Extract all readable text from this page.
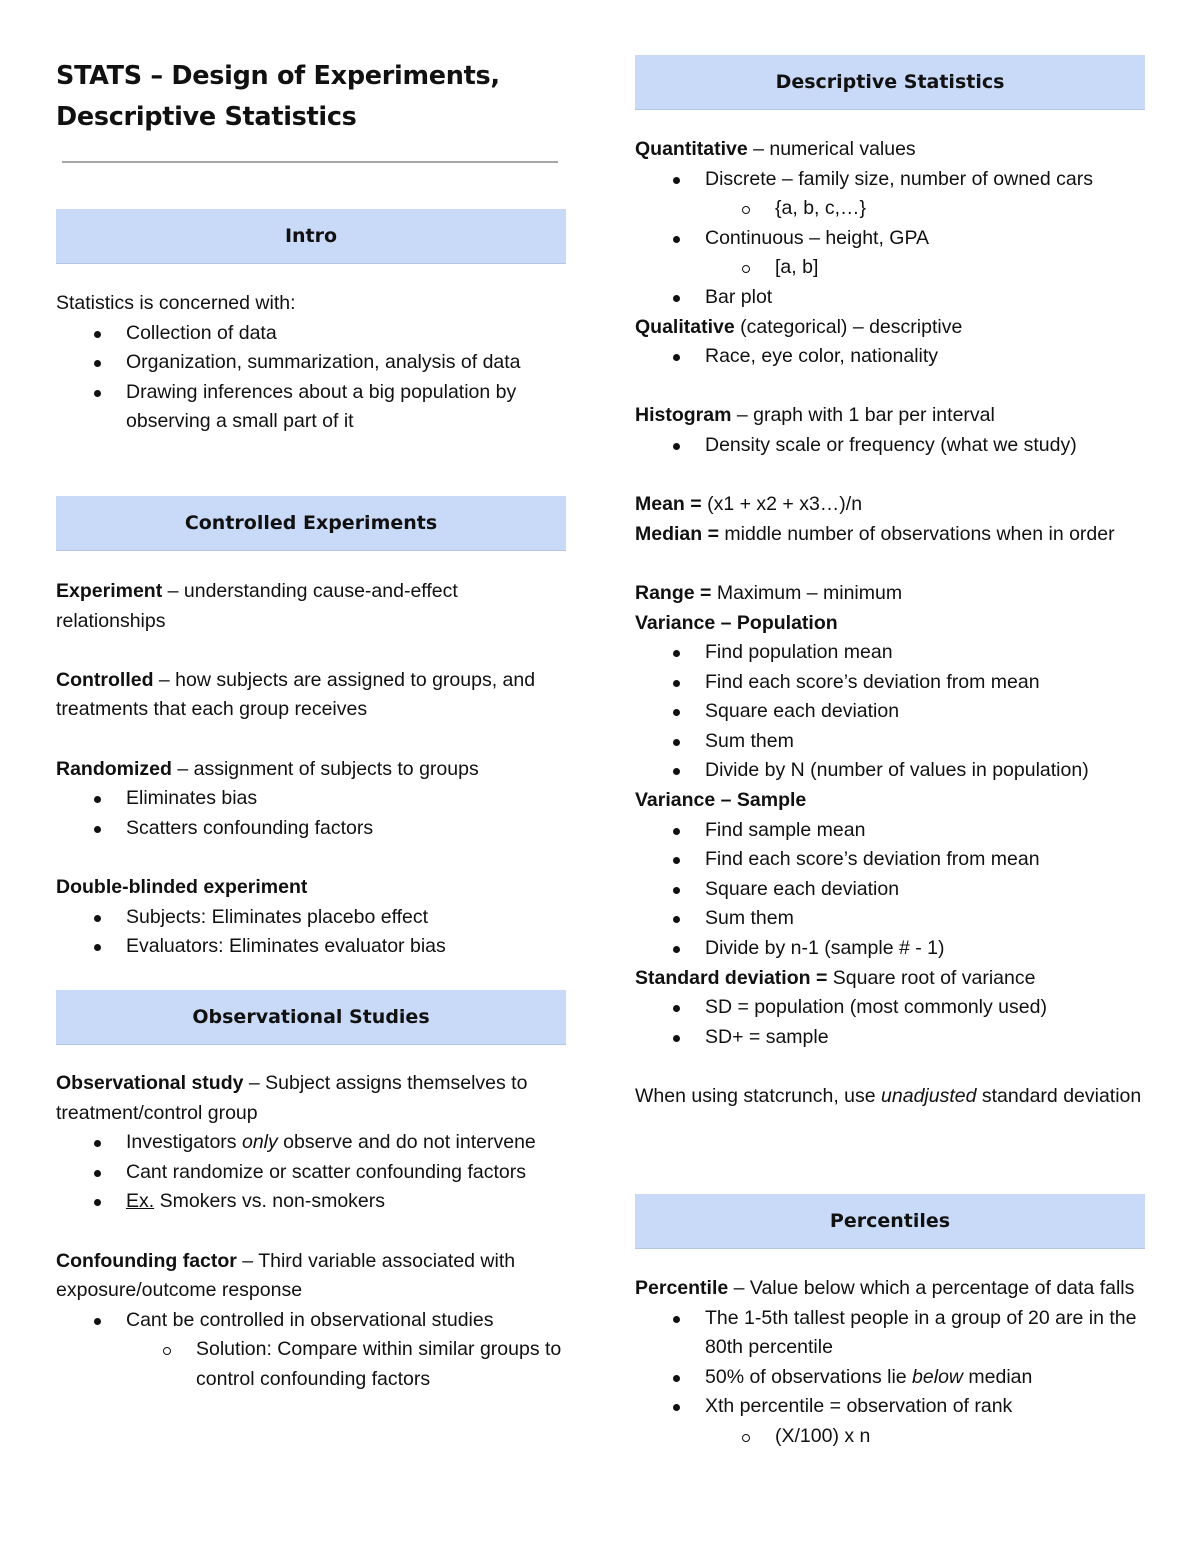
STATS – Design of Experiments,
Descriptive Statistics
Intro
Statistics is concerned with:
Collection of data
Organization, summarization, analysis of data
Drawing inferences about a big population by observing a small part of it
Controlled Experiments
Experiment – understanding cause-and-effect relationships

Controlled – how subjects are assigned to groups, and treatments that each group receives

Randomized – assignment of subjects to groups
Eliminates bias
Scatters confounding factors

Double-blinded experiment
Subjects: Eliminates placebo effect
Evaluators: Eliminates evaluator bias
Observational Studies
Observational study – Subject assigns themselves to treatment/control group
Investigators only observe and do not intervene
Cant randomize or scatter confounding factors
Ex. Smokers vs. non-smokers

Confounding factor – Third variable associated with exposure/outcome response
Cant be controlled in observational studies
Solution: Compare within similar groups to control confounding factors
Descriptive Statistics
Quantitative – numerical values
Discrete – family size, number of owned cars
{a, b, c,…}
Continuous – height, GPA
[a, b]
Bar plot
Qualitative (categorical) – descriptive
Race, eye color, nationality

Histogram – graph with 1 bar per interval
Density scale or frequency (what we study)

Mean = (x1 + x2 + x3…)/n
Median = middle number of observations when in order

Range = Maximum – minimum
Variance – Population
Find population mean
Find each score’s deviation from mean
Square each deviation
Sum them
Divide by N (number of values in population)
Variance – Sample
Find sample mean
Find each score’s deviation from mean
Square each deviation
Sum them
Divide by n-1 (sample # - 1)
Standard deviation = Square root of variance
SD = population (most commonly used)
SD+ = sample

When using statcrunch, use unadjusted standard deviation
Percentiles
Percentile – Value below which a percentage of data falls
The 1-5th tallest people in a group of 20 are in the 80th percentile
50% of observations lie below median
Xth percentile = observation of rank
(X/100) x n
